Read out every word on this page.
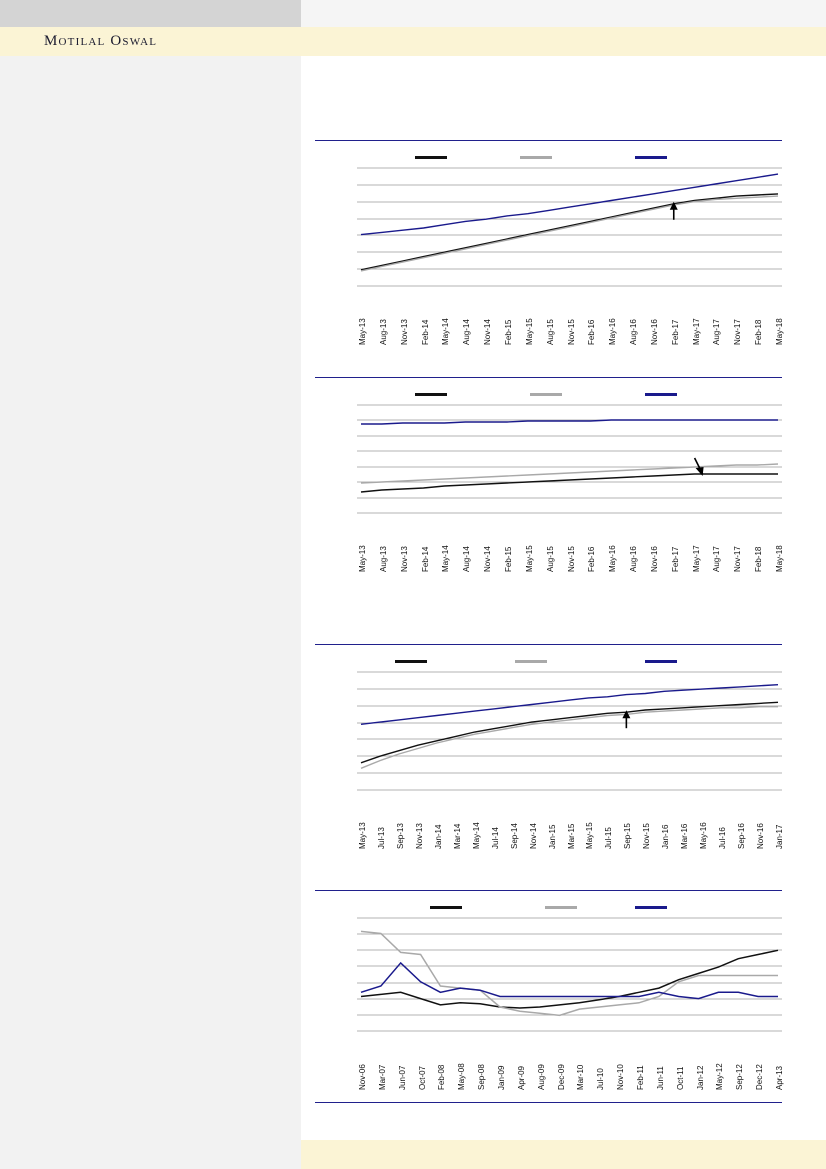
Motilal Oswal
May-13 Aug-13 Nov-13 Feb-14 May-14 Aug-14 Nov-14 Feb-15 May-15 Aug-15 Nov-15 Feb-16 May-16 Aug-16 Nov-16 Feb-17 May-17 Aug-17 Nov-17 Feb-18 May-18
May-13 Aug-13 Nov-13 Feb-14 May-14 Aug-14 Nov-14 Feb-15 May-15 Aug-15 Nov-15 Feb-16 May-16 Aug-16 Nov-16 Feb-17 May-17 Aug-17 Nov-17 Feb-18 May-18
May-13 Jul-13 Sep-13 Nov-13 Jan-14 Mar-14 May-14 Jul-14 Sep-14 Nov-14 Jan-15 Mar-15 May-15 Jul-15 Sep-15 Nov-15 Jan-16 Mar-16 May-16 Jul-16 Sep-16 Nov-16 Jan-17
Nov-06 Mar-07 Jun-07 Oct-07 Feb-08 May-08 Sep-08 Jan-09 Apr-09 Aug-09 Dec-09 Mar-10 Jul-10 Nov-10 Feb-11 Jun-11 Oct-11 Jan-12 May-12 Sep-12 Dec-12 Apr-13
